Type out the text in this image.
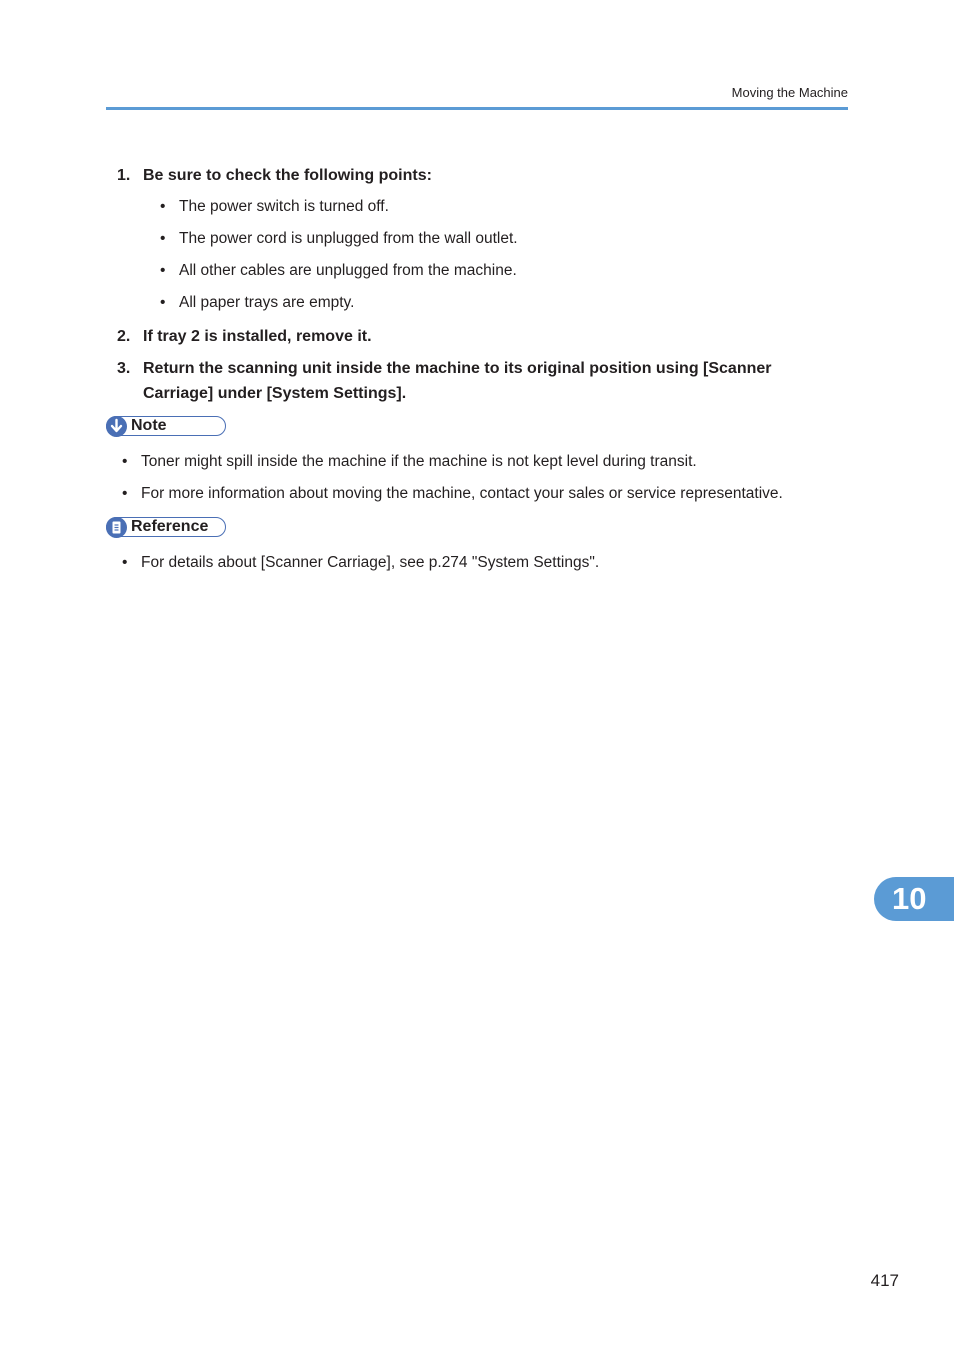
Moving the Machine
1. Be sure to check the following points:
• The power switch is turned off.
• The power cord is unplugged from the wall outlet.
• All other cables are unplugged from the machine.
• All paper trays are empty.
2. If tray 2 is installed, remove it.
3. Return the scanning unit inside the machine to its original position using [Scanner Carriage] under [System Settings].
Note
• Toner might spill inside the machine if the machine is not kept level during transit.
• For more information about moving the machine, contact your sales or service representative.
Reference
• For details about [Scanner Carriage], see p.274 "System Settings".
10
417
